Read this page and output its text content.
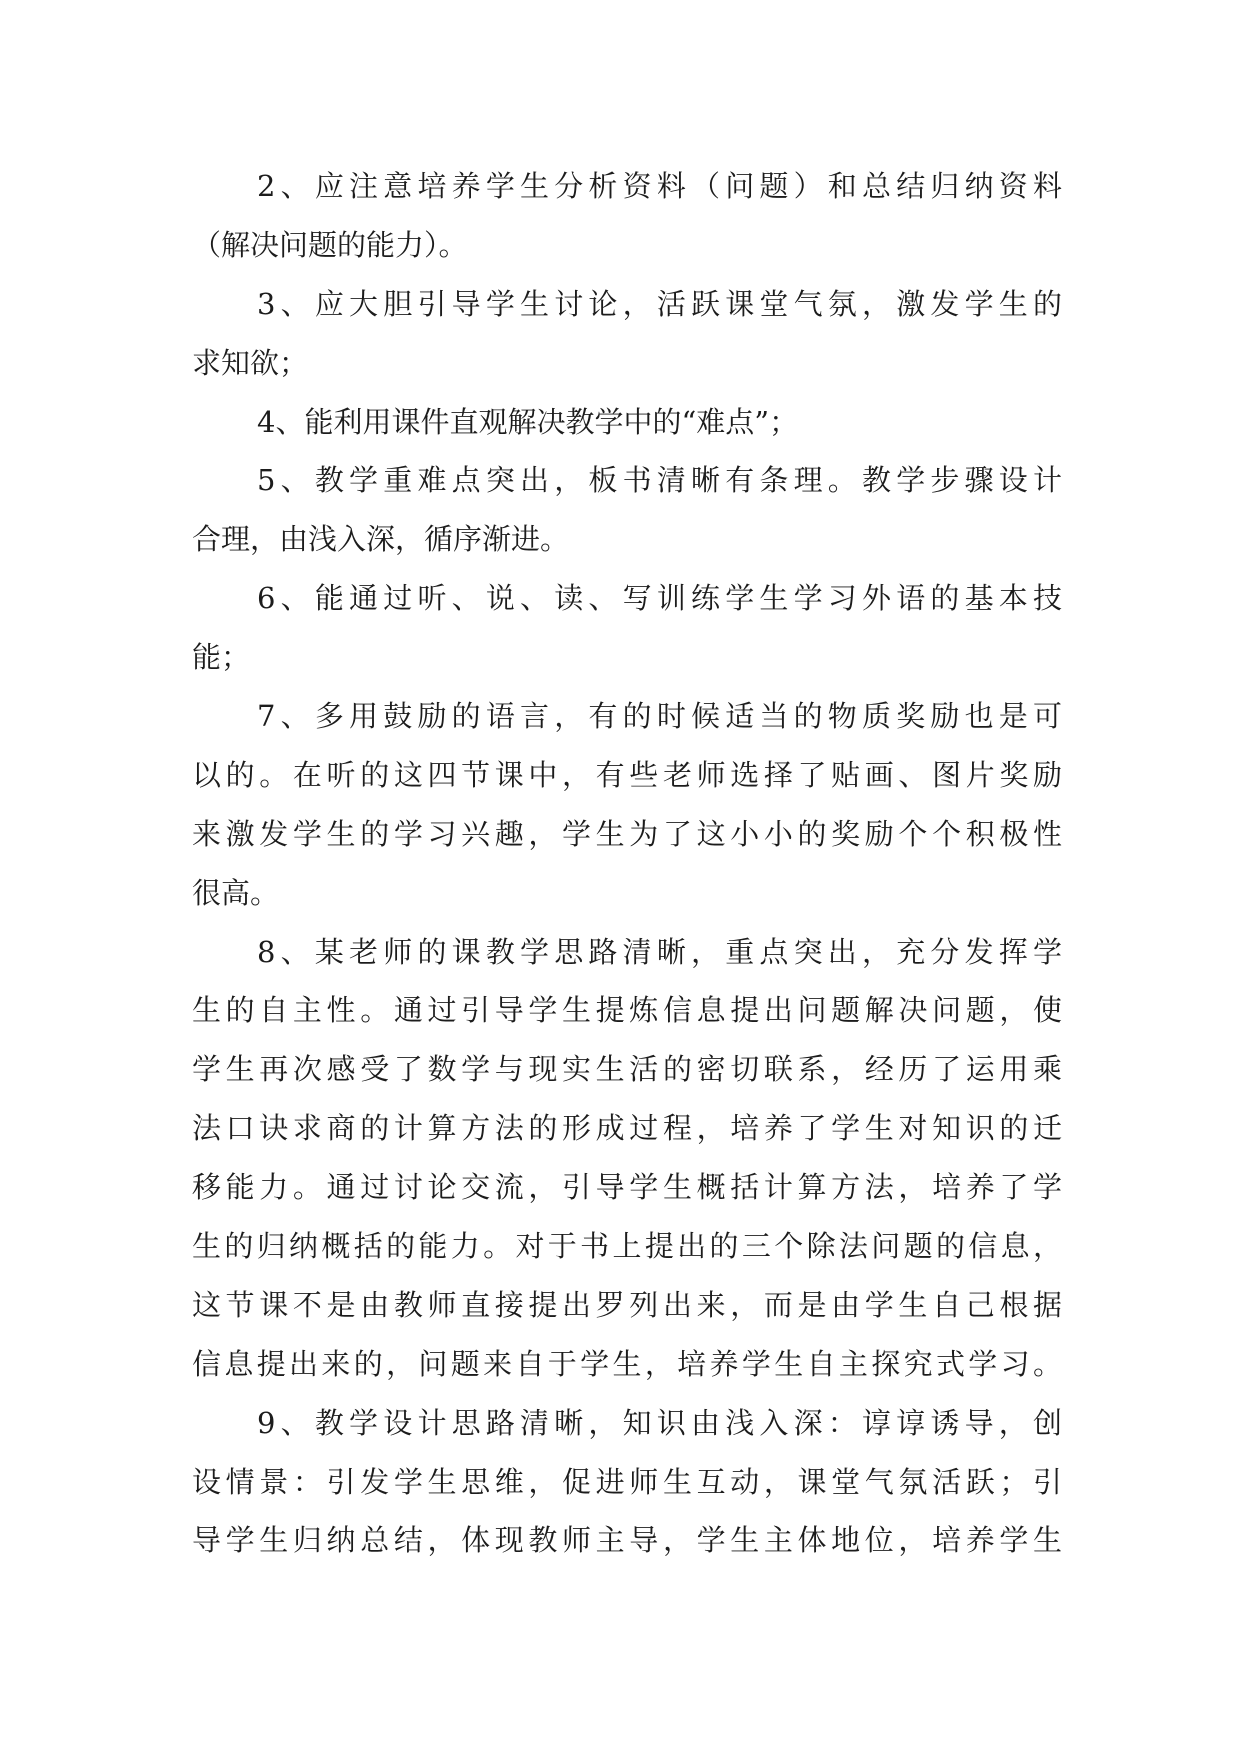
2、应注意培养学生分析资料（问题）和总结归纳资料
（解决问题的能力）。
3、应大胆引导学生讨论，活跃课堂气氛，激发学生的
求知欲；
4、能利用课件直观解决教学中的“难点”；
5、教学重难点突出，板书清晰有条理。教学步骤设计
合理，由浅入深，循序渐进。
6、能通过听、说、读、写训练学生学习外语的基本技
能；
7、多用鼓励的语言，有的时候适当的物质奖励也是可
以的。在听的这四节课中，有些老师选择了贴画、图片奖励
来激发学生的学习兴趣，学生为了这小小的奖励个个积极性
很高。
8、某老师的课教学思路清晰，重点突出，充分发挥学
生的自主性。通过引导学生提炼信息提出问题解决问题，使
学生再次感受了数学与现实生活的密切联系，经历了运用乘
法口诀求商的计算方法的形成过程，培养了学生对知识的迁
移能力。通过讨论交流，引导学生概括计算方法，培养了学
生的归纳概括的能力。对于书上提出的三个除法问题的信息，
这节课不是由教师直接提出罗列出来，而是由学生自己根据
信息提出来的，问题来自于学生，培养学生自主探究式学习。
9、教学设计思路清晰，知识由浅入深：谆谆诱导，创
设情景：引发学生思维，促进师生互动，课堂气氛活跃；引
导学生归纳总结，体现教师主导，学生主体地位，培养学生
